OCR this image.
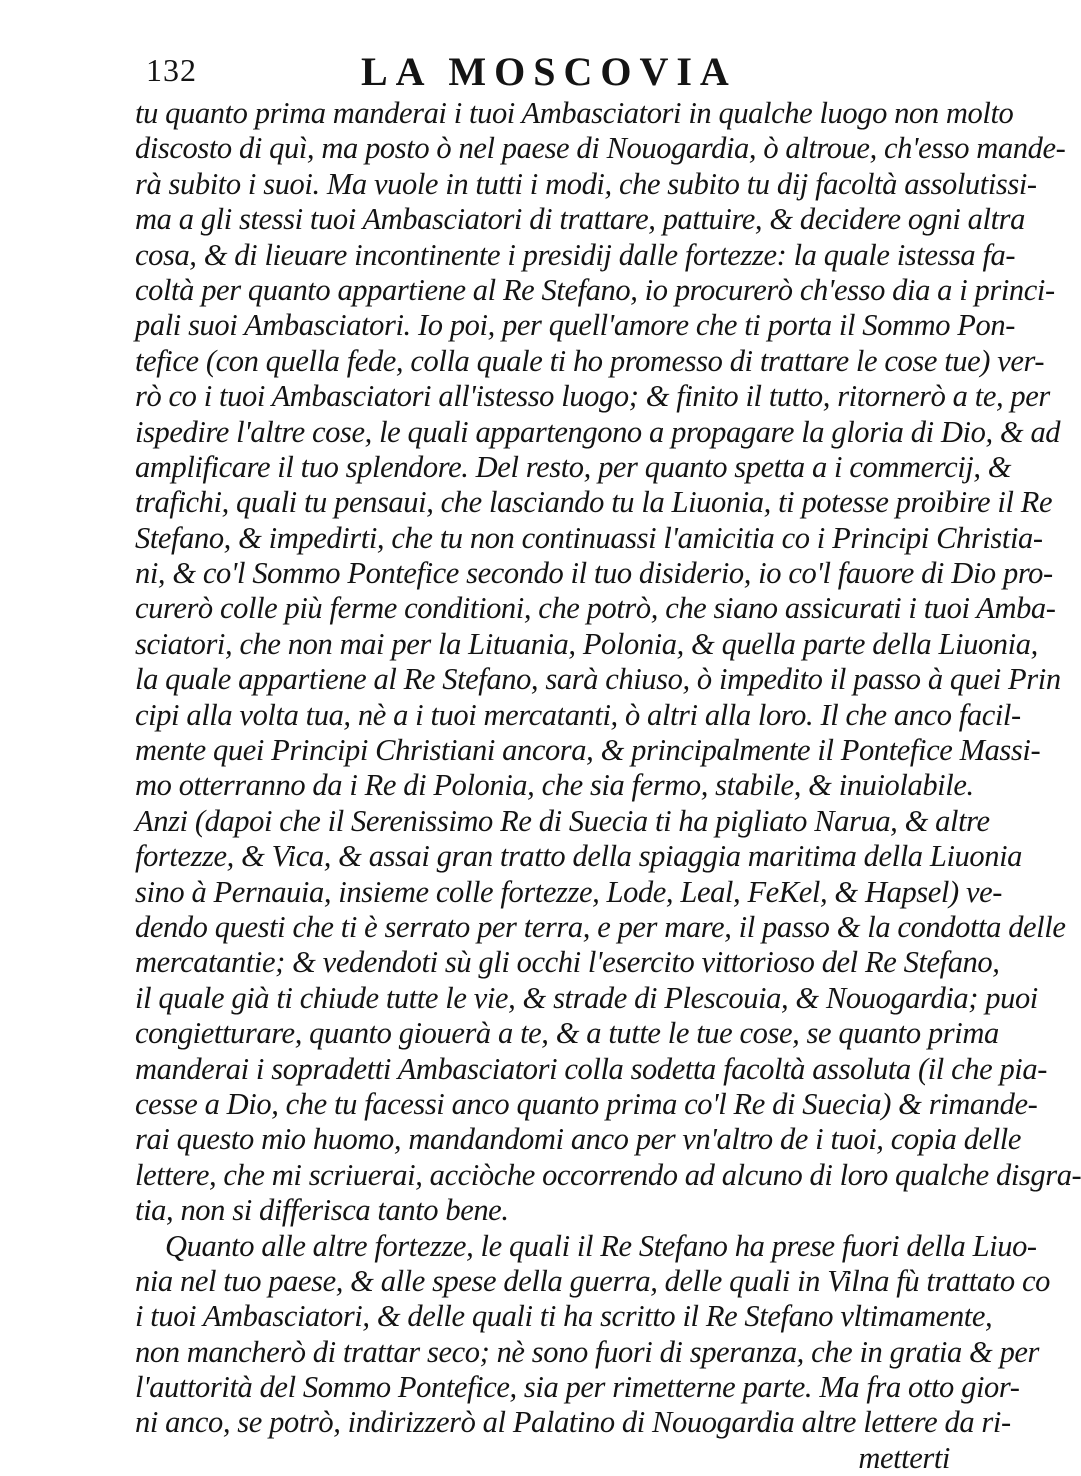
132	LA MOSCOVIA
tu quanto prima manderai i tuoi Ambasciatori in qualche luogo non molto
discosto di quì, ma posto ò nel paese di Nouogardia, ò altroue, ch'esso mande-
rà subito i suoi. Ma vuole in tutti i modi, che subito tu dij facoltà assolutissi-
ma a gli stessi tuoi Ambasciatori di trattare, pattuire, & decidere ogni altra
cosa, & di lieuare incontinente i presidij dalle fortezze: la quale istessa fa-
coltà per quanto appartiene al Re Stefano, io procurerò ch'esso dia a i princi-
pali suoi Ambasciatori. Io poi, per quell'amore che ti porta il Sommo Pon-
tefice (con quella fede, colla quale ti ho promesso di trattare le cose tue) ver-
rò co i tuoi Ambasciatori all'istesso luogo; & finito il tutto, ritornerò a te, per
ispedire l'altre cose, le quali appartengono a propagare la gloria di Dio, & ad
amplificare il tuo splendore. Del resto, per quanto spetta a i commercij, &
trafichi, quali tu pensaui, che lasciando tu la Liuonia, ti potesse proibire il Re
Stefano, & impedirti, che tu non continuassi l'amicitia co i Principi Christia-
ni, & co'l Sommo Pontefice secondo il tuo disiderio, io co'l fauore di Dio pro-
curerò colle più ferme conditioni, che potrò, che siano assicurati i tuoi Amba-
sciatori, che non mai per la Lituania, Polonia, & quella parte della Liuonia,
la quale appartiene al Re Stefano, sarà chiuso, ò impedito il passo à quei Prin
cipi alla volta tua, nè a i tuoi mercatanti, ò altri alla loro. Il che anco facil-
mente quei Principi Christiani ancora, & principalmente il Pontefice Massi-
mo otterranno da i Re di Polonia, che sia fermo, stabile, & inuiolabile.
Anzi (dapoi che il Serenissimo Re di Suecia ti ha pigliato Narua, & altre
fortezze, & Vica, & assai gran tratto della spiaggia maritima della Liuonia
sino à Pernauia, insieme colle fortezze, Lode, Leal, FeKel, & Hapsel) ve-
dendo questi che ti è serrato per terra, e per mare, il passo & la condotta delle
mercatantie; & vedendoti sù gli occhi l'esercito vittorioso del Re Stefano,
il quale già ti chiude tutte le vie, & strade di Plescouia, & Nouogardia; puoi
congietturare, quanto giouerà a te, & a tutte le tue cose, se quanto prima
manderai i sopradetti Ambasciatori colla sodetta facoltà assoluta (il che pia-
cesse a Dio, che tu facessi anco quanto prima co'l Re di Suecia) & rimande-
rai questo mio huomo, mandandomi anco per vn'altro de i tuoi, copia delle
lettere, che mi scriuerai, acciòche occorrendo ad alcuno di loro qualche disgra-
tia, non si differisca tanto bene.
Quanto alle altre fortezze, le quali il Re Stefano ha prese fuori della Liuo-
nia nel tuo paese, & alle spese della guerra, delle quali in Vilna fù trattato co
i tuoi Ambasciatori, & delle quali ti ha scritto il Re Stefano vltimamente,
non mancherò di trattar seco; nè sono fuori di speranza, che in gratia & per
l'auttorità del Sommo Pontefice, sia per rimetterne parte. Ma fra otto gior-
ni anco, se potrò, indirizzerò al Palatino di Nouogardia altre lettere da ri-
metterti
